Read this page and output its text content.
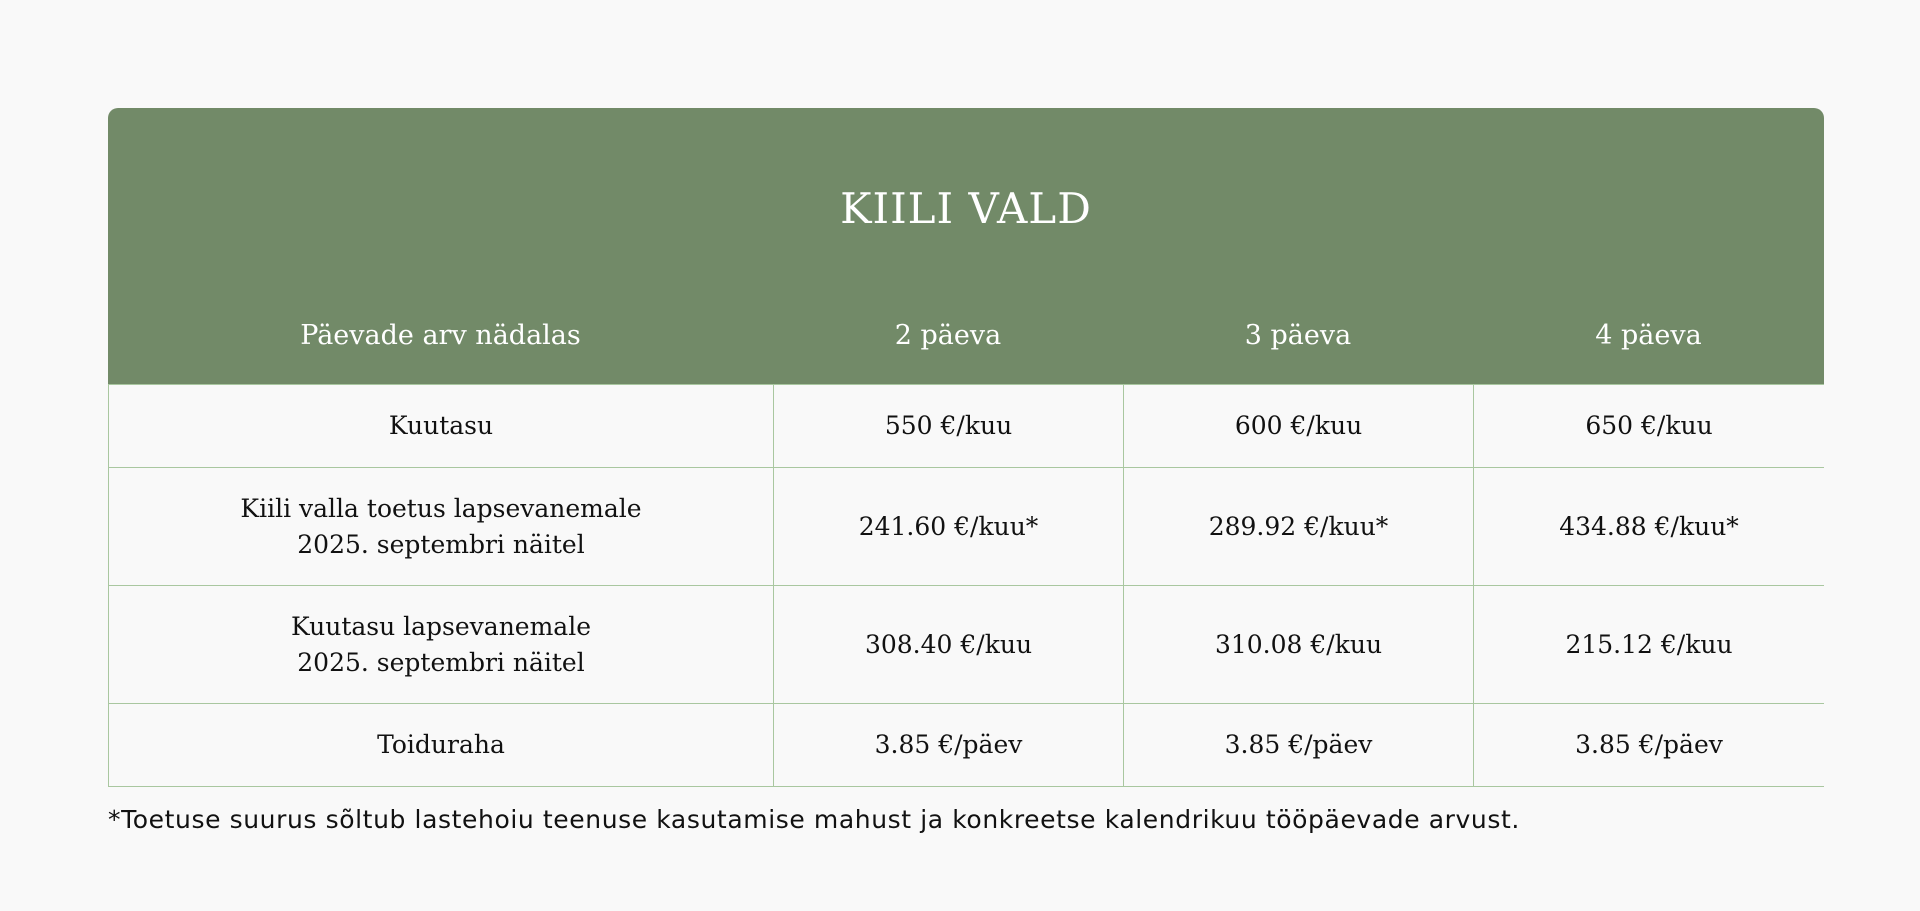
KIILI VALD
Päevade arv nädalas	2 päeva	3 päeva	4 päeva
Kuutasu	550 €/kuu	600 €/kuu	650 €/kuu

Kiili valla toetus lapsevanemale
2025. septembri näitel	241.60 €/kuu*	289.92 €/kuu*	434.88 €/kuu*

Kuutasu lapsevanemale
2025. septembri näitel	308.40 €/kuu	310.08 €/kuu	215.12 €/kuu

Toiduraha	3.85 €/päev	3.85 €/päev	3.85 €/päev
*Toetuse suurus sõltub lastehoiu teenuse kasutamise mahust ja konkreetse kalendrikuu tööpäevade arvust.
